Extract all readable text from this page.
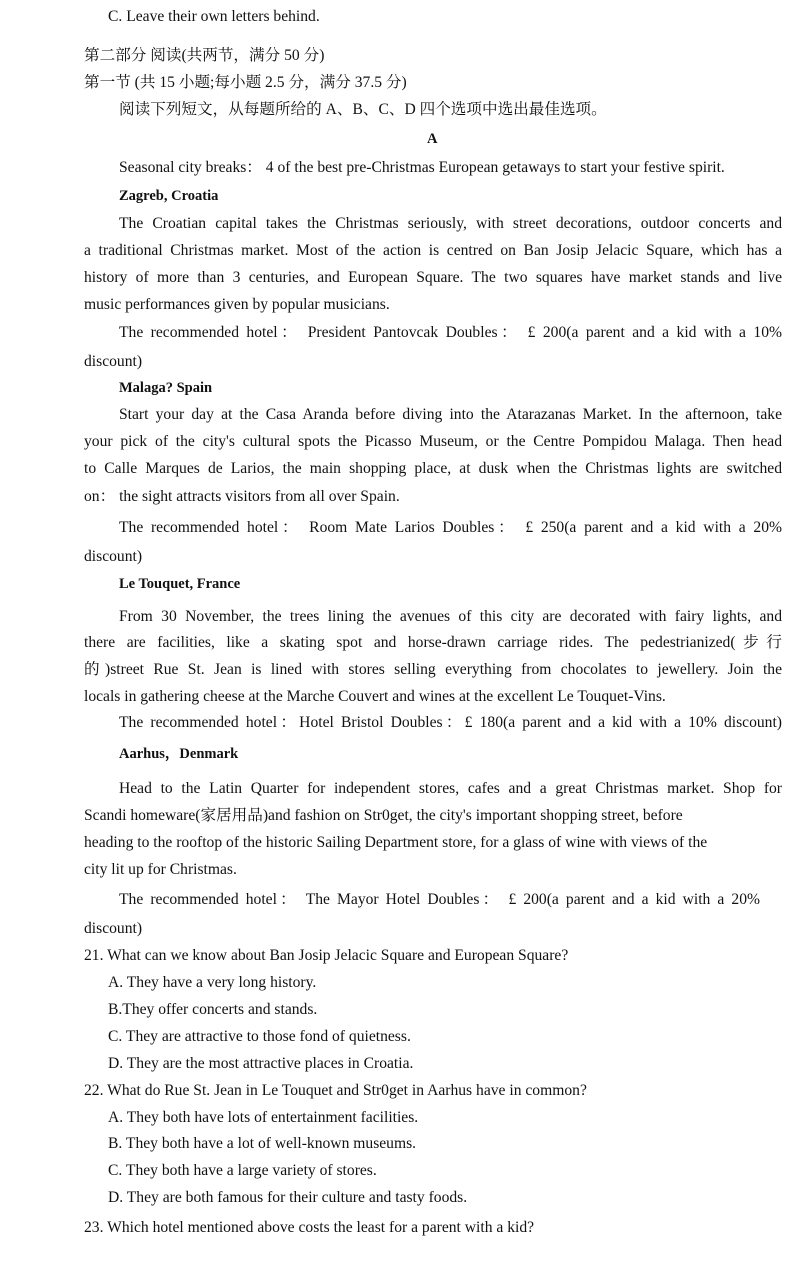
C. Leave their own letters behind.
第二部分 阅读(共两节，满分 50 分)
第一节 (共 15 小题;每小题 2.5 分，满分 37.5 分)
阅读下列短文，从每题所给的 A、B、C、D 四个选项中选出最佳选项。
A
Seasonal city breaks： 4 of the best pre-Christmas European getaways to start your festive spirit.
Zagreb, Croatia
The Croatian capital takes the Christmas seriously, with street decorations, outdoor concerts and
a traditional Christmas market. Most of the action is centred on Ban Josip Jelacic Square, which has a
history of more than 3 centuries, and European Square. The two squares have market stands and live
music performances given by popular musicians.
The recommended hotel： President Pantovcak Doubles： £ 200(a parent and a kid with a 10%
discount)
Malaga? Spain
Start your day at the Casa Aranda before diving into the Atarazanas Market. In the afternoon, take
your pick of the city's cultural spots the Picasso Museum, or the Centre Pompidou Malaga. Then head
to Calle Marques de Larios, the main shopping place, at dusk when the Christmas lights are switched
on： the sight attracts visitors from all over Spain.
The recommended hotel： Room Mate Larios Doubles： £ 250(a parent and a kid with a 20%
discount)
Le Touquet, France
From 30 November, the trees lining the avenues of this city are decorated with fairy lights, and
there are facilities, like a skating spot and horse-drawn carriage rides. The pedestrianized(步行
的)street Rue St. Jean is lined with stores selling everything from chocolates to jewellery. Join the
locals in gathering cheese at the Marche Couvert and wines at the excellent Le Touquet-Vins.
The recommended hotel：Hotel Bristol Doubles：£ 180(a parent and a kid with a 10% discount)
Aarhus，Denmark
Head to the Latin Quarter for independent stores, cafes and a great Christmas market. Shop for
Scandi homeware(家居用品)and fashion on Str0get, the city's important shopping street, before
heading to the rooftop of the historic Sailing Department store, for a glass of wine with views of the
city lit up for Christmas.
The recommended hotel： The Mayor Hotel Doubles： £ 200(a parent and a kid with a 20%
discount)
21. What can we know about Ban Josip Jelacic Square and European Square?
A. They have a very long history.
B.They offer concerts and stands.
C. They are attractive to those fond of quietness.
D. They are the most attractive places in Croatia.
22. What do Rue St. Jean in Le Touquet and Str0get in Aarhus have in common?
A. They both have lots of entertainment facilities.
B. They both have a lot of well-known museums.
C. They both have a large variety of stores.
D. They are both famous for their culture and tasty foods.
23. Which hotel mentioned above costs the least for a parent with a kid?
